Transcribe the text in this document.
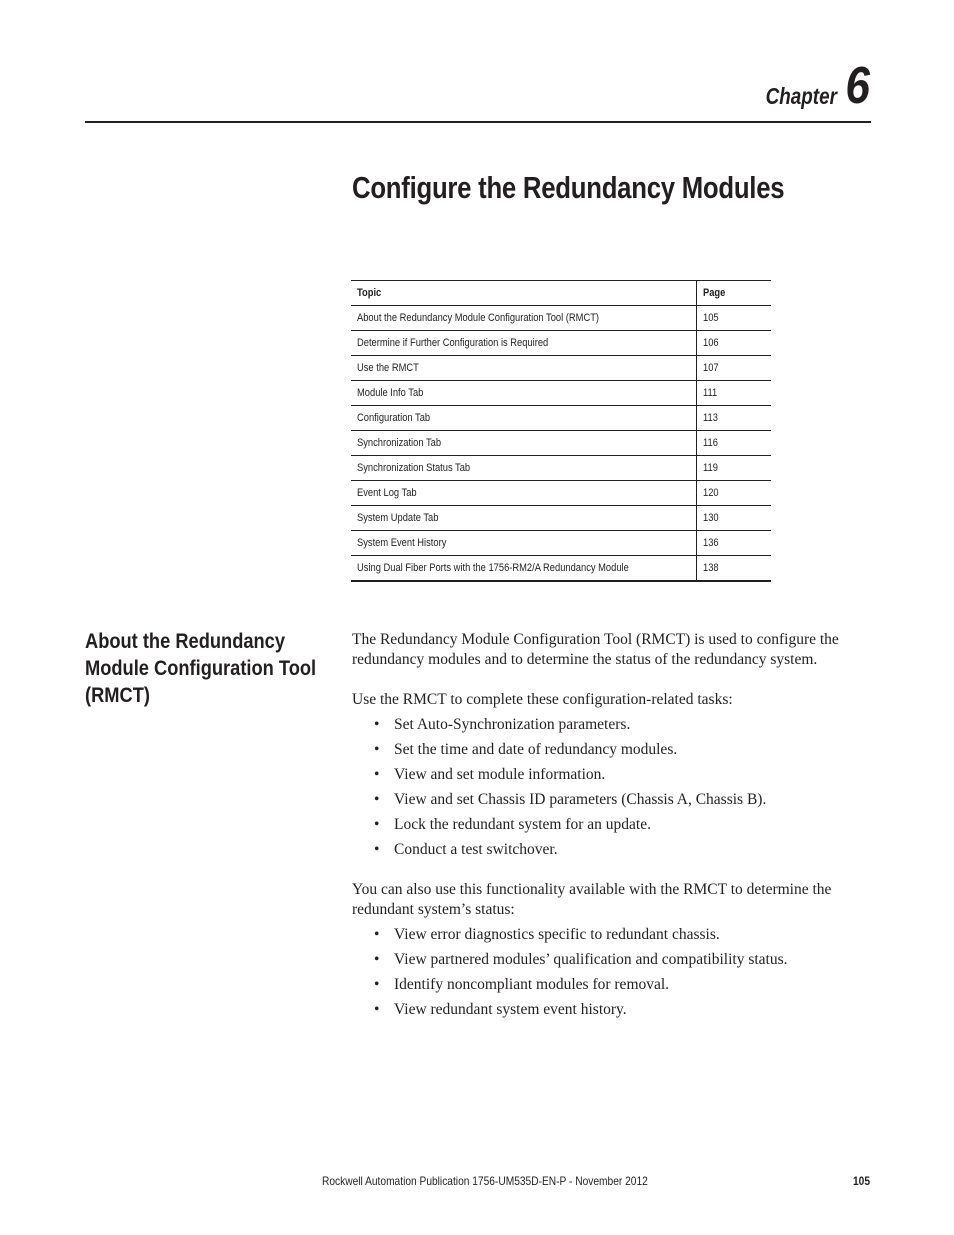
Chapter 6
Configure the Redundancy Modules
Topic	Page
About the Redundancy Module Configuration Tool (RMCT)	105
Determine if Further Configuration is Required	106
Use the RMCT	107
Module Info Tab	111
Configuration Tab	113
Synchronization Tab	116
Synchronization Status Tab	119
Event Log Tab	120
System Update Tab	130
System Event History	136
Using Dual Fiber Ports with the 1756-RM2/A Redundancy Module	138
About the Redundancy
Module Configuration Tool
(RMCT)

The Redundancy Module Configuration Tool (RMCT) is used to configure the redundancy modules and to determine the status of the redundancy system.

Use the RMCT to complete these configuration-related tasks:

• Set Auto-Synchronization parameters.
• Set the time and date of redundancy modules.
• View and set module information.
• View and set Chassis ID parameters (Chassis A, Chassis B).
• Lock the redundant system for an update.
• Conduct a test switchover.

You can also use this functionality available with the RMCT to determine the redundant system’s status:

• View error diagnostics specific to redundant chassis.
• View partnered modules’ qualification and compatibility status.
• Identify noncompliant modules for removal.
• View redundant system event history.
Rockwell Automation Publication 1756-UM535D-EN-P - November 2012	105
